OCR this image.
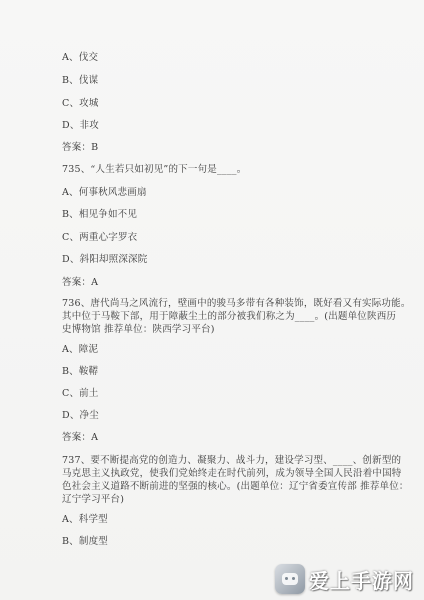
A、伐交
B、伐谋
C、攻城
D、非攻
答案：B
735、“人生若只如初见”的下一句是____。
A、何事秋风悲画扇
B、相见争如不见
C、两重心字罗衣
D、斜阳却照深深院
答案：A
736、唐代尚马之风流行，壁画中的骏马多带有各种装饰，既好看又有实际功能。
其中位于马鞍下部，用于障蔽尘土的部分被我们称之为____。(出题单位陕西历
史博物馆 推荐单位：陕西学习平台)
A、障泥
B、鞍鞯
C、前土
D、净尘
答案：A
737、要不断提高党的创造力、凝聚力、战斗力，建设学习型、____、创新型的
马克思主义执政党，使我们党始终走在时代前列，成为领导全国人民沿着中国特
色社会主义道路不断前进的坚强的核心。(出题单位：辽宁省委宣传部 推荐单位：
辽宁学习平台)
A、科学型
B、制度型
爱上手游网
